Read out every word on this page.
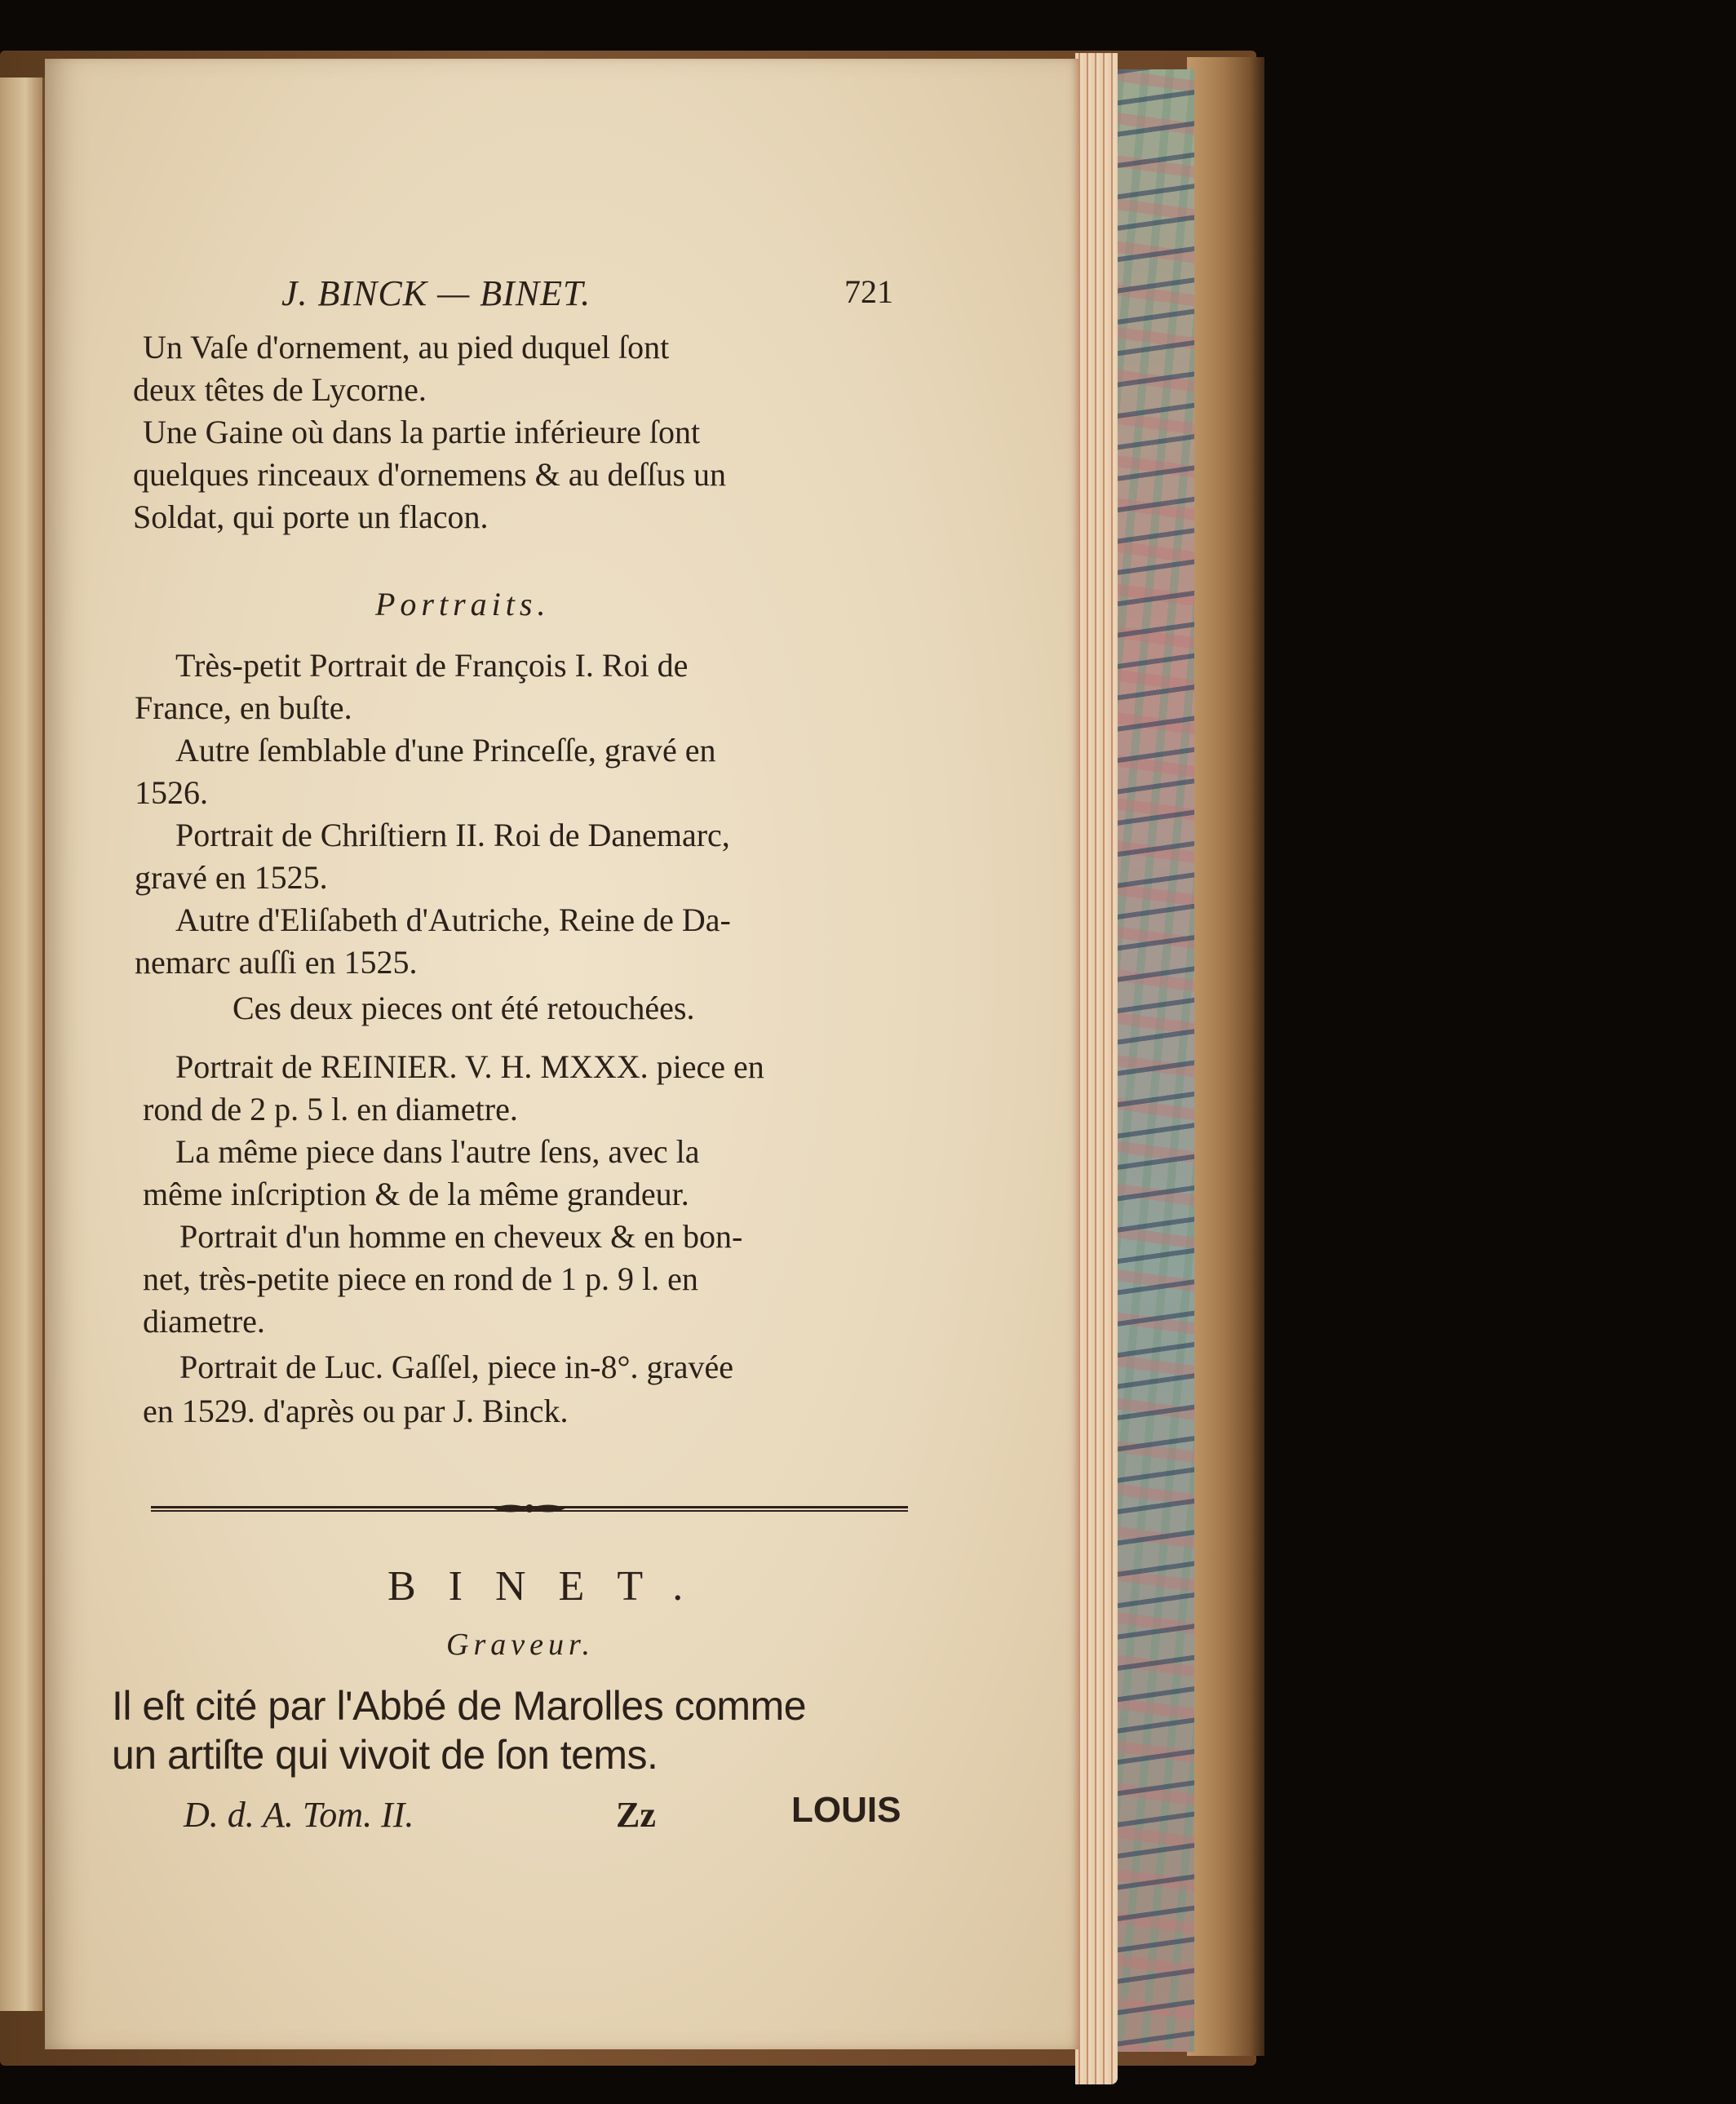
J. BINCK — BINET.	721
Un Vaſe d'ornement, au pied duquel ſont
deux têtes de Lycorne.
Une Gaine où dans la partie inférieure ſont
quelques rinceaux d'ornemens & au deſſus un
Soldat, qui porte un flacon.
Portraits.
Très-petit Portrait de François I. Roi de
France, en buſte.
Autre ſemblable d'une Princeſſe, gravé en
1526.
Portrait de Chriſtiern II. Roi de Danemarc,
gravé en 1525.
Autre d'Eliſabeth d'Autriche, Reine de Da-
nemarc auſſi en 1525.
Ces deux pieces ont été retouchées.
Portrait de REINIER. V. H. MXXX. piece en
rond de 2 p. 5 l. en diametre.
La même piece dans l'autre ſens, avec la
même inſcription & de la même grandeur.
Portrait d'un homme en cheveux & en bon-
net, très-petite piece en rond de 1 p. 9 l. en
diametre.
Portrait de Luc. Gaſſel, piece in-8°. gravée
en 1529. d'après ou par J. Binck.
BINET.
Graveur.
Il eſt cité par l'Abbé de Marolles comme
un artiſte qui vivoit de ſon tems.
D. d. A. Tom. II.	Zz	LOUIS
